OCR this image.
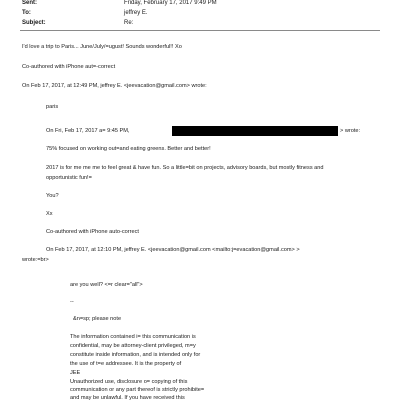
Sent:	Friday, February 17, 2017 9:49 PM
To:	jeffrey E.
Subject:	Re:
I'd love a trip to Paris... June/July/=ugust! Sounds wonderful!! Xo
Co-authored with iPhone aut=-correct
On Feb 17, 2017, at 12:49 PM, jeffrey E. <jeevacation@gmail.com> wrote:
paris
On Fri, Feb 17, 2017 a= 9:45 PM,	> wrote:
75% focused on working out=and eating greens. Better and better!
2017 is for me me me to feel great & have fun. So a little=bit on projects, advisory boards, but mostly fitness and
opportunistic fun!=
You?
Xx
Co-authored with iPhone auto-correct
On Feb 17, 2017, at 12:10 PM, jeffrey E. <jeevacation@gmail.com <mailto:j=evacation@gmail.com> >
wrote:=br>
are you well? <=r clear="all">
--
&n=sp; please note
The information contained i= this communication is
confidential, may be attorney-client privileged, m=y
constitute inside information, and is intended only for
the use of t=e addressee. It is the property of
JEE
Unauthorized use, disclosure o= copying of this
communication or any part thereof is strictly prohibite=
and may be unlawful. If you have received this
